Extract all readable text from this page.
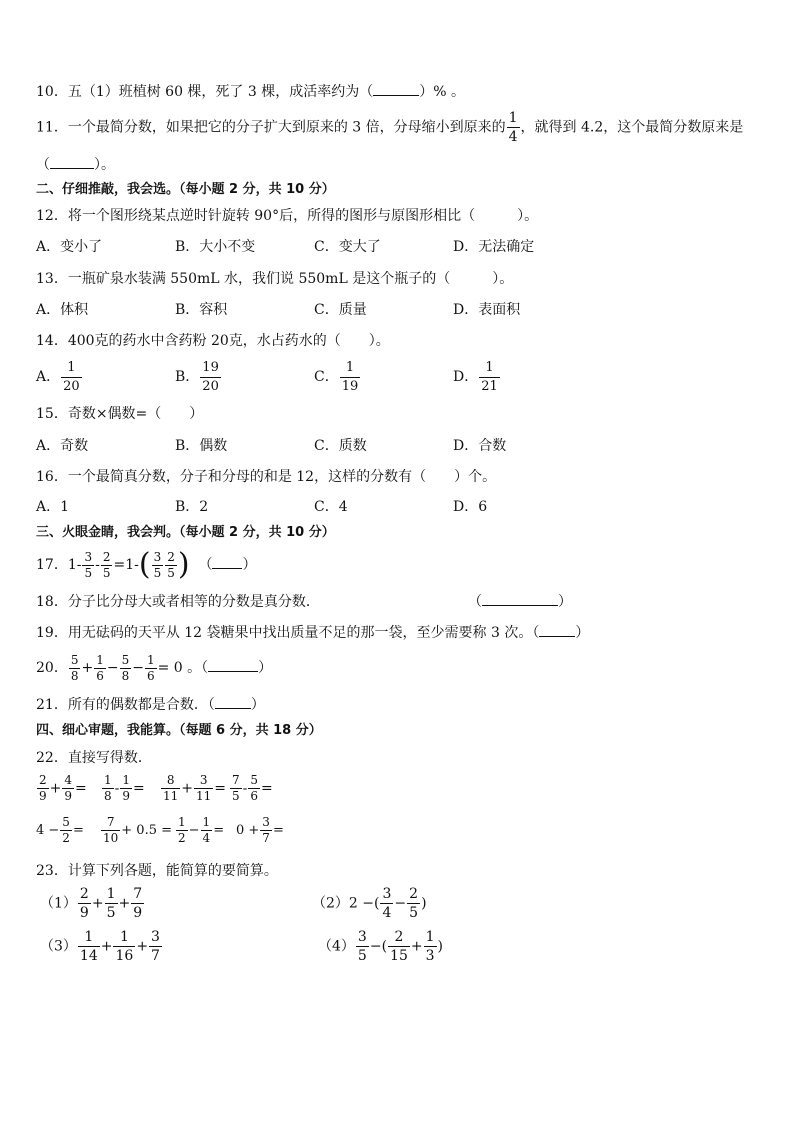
10．五（1）班植树 60 棵，死了 3 棵，成活率约为（	）% 。
11．一个最简分数，如果把它的分子扩大到原来的 3 倍，分母缩小到原来的 $\frac{1}{4}$ ，就得到 4.2，这个最简分数原来是
（	）。
二、仔细推敲，我会选。（每小题 2 分，共 10 分）
12．将一个图形绕某点逆时针旋转 90°后，所得的图形与原图形相比（　　　）。
A．变小了	B．大小不变	C．变大了	D．无法确定
13．一瓶矿泉水装满 550mL 水，我们说 550mL 是这个瓶子的（　　　）。
A．体积	B．容积	C．质量	D．表面积
14．400克的药水中含药粉 20克，水占药水的（　　）。
A． $\frac{1}{20}$	B． $\frac{19}{20}$	C． $\frac{1}{19}$	D． $\frac{1}{21}$
15．奇数×偶数=（　　）
A．奇数	B．偶数	C．质数	D．合数
16．一个最简真分数，分子和分母的和是 12，这样的分数有（　　）个。
A．1	B．2	C．4	D．6
三、火眼金睛，我会判。（每小题 2 分，共 10 分）
17．$1- \frac{3}{5} - \frac{2}{5} =1-( \frac{3}{5} \frac{2}{5}$ ) （ ）
18．分子比分母大或者相等的分数是真分数．	（	）
19．用无砝码的天平从 12 袋糖果中找出质量不足的那一袋，至少需要称 3 次。（	）
20． $\frac{5}{8} + \frac{1}{6} - \frac{5}{8} - \frac{1}{6} = 0$ 。（	）
21．所有的偶数都是合数．（	）
四、细心审题，我能算。（每题 6 分，共 18 分）
22．直接写得数．
$\frac{2}{9} + \frac{4}{9} = \frac{1}{8} - \frac{1}{9} = \frac{8}{11} + \frac{3}{11} = \frac{7}{5} - \frac{5}{6}$ =
$4 - \frac{5}{2} = \frac{7}{10} + 0.5 = \frac{1}{2} - \frac{1}{4} = 0 + \frac{3}{7}$ =
23．计算下列各题，能简算的要简算。
$(1) \frac{2}{9} + \frac{1}{5} + \frac{7}{9}$	（2）2 −( $\frac{3}{4} - \frac{2}{5}$ )
$(3) \frac{1}{14} + \frac{1}{16} + \frac{3}{7}$	$(4) \frac{3}{5}$ −( $\frac{2}{15} + \frac{1}{3}$ )
